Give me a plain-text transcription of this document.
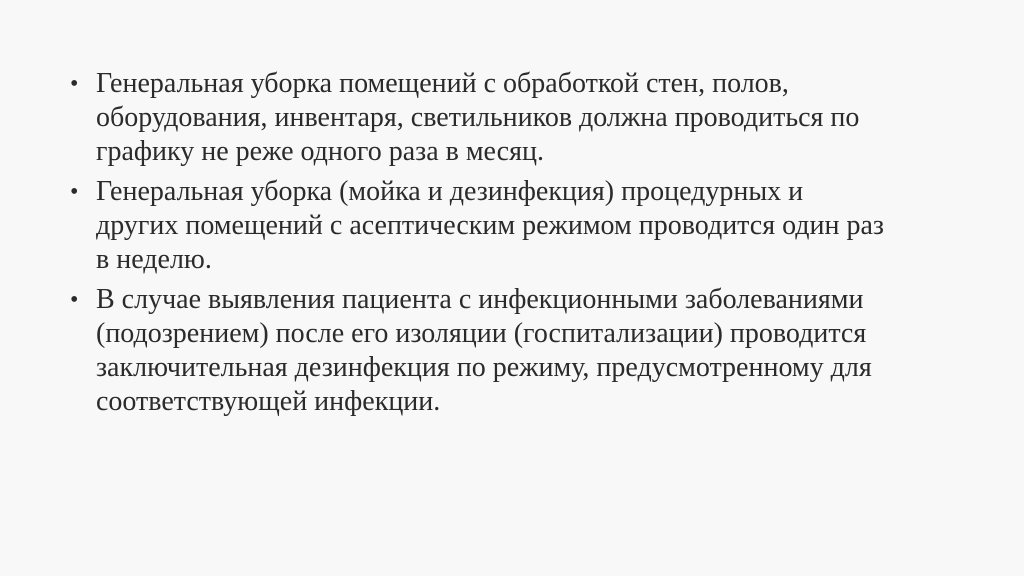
• Генеральная уборка помещений с обработкой стен, полов,
оборудования, инвентаря, светильников должна проводиться по
графику не реже одного раза в месяц.
• Генеральная уборка (мойка и дезинфекция) процедурных и
других помещений с асептическим режимом проводится один раз
в неделю.
• В случае выявления пациента с инфекционными заболеваниями
(подозрением) после его изоляции (госпитализации) проводится
заключительная дезинфекция по режиму, предусмотренному для
соответствующей инфекции.
